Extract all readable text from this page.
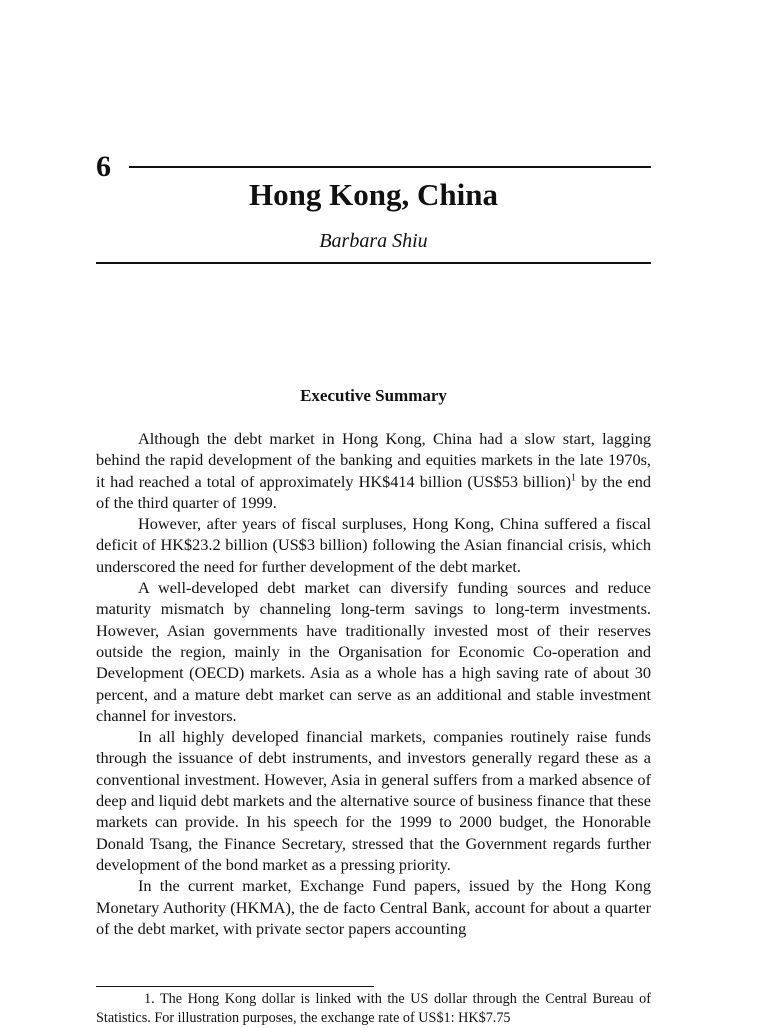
6
Hong Kong, China
Barbara Shiu
Executive Summary

Although the debt market in Hong Kong, China had a slow start, lagging behind the rapid development of the banking and equities markets in the late 1970s, it had reached a total of approximately HK$414 billion (US$53 billion)$^1$ by the end of the third quarter of 1999.

However, after years of fiscal surpluses, Hong Kong, China suffered a fiscal deficit of HK$23.2 billion (US$3 billion) following the Asian financial crisis, which underscored the need for further development of the debt market.

A well-developed debt market can diversify funding sources and reduce maturity mismatch by channeling long-term savings to long-term investments. However, Asian governments have traditionally invested most of their reserves outside the region, mainly in the Organisation for Economic Co-operation and Development (OECD) markets. Asia as a whole has a high saving rate of about 30 percent, and a mature debt market can serve as an additional and stable investment channel for investors.

In all highly developed financial markets, companies routinely raise funds through the issuance of debt instruments, and investors generally regard these as a conventional investment. However, Asia in general suffers from a marked absence of deep and liquid debt markets and the alternative source of business finance that these markets can provide. In his speech for the 1999 to 2000 budget, the Honorable Donald Tsang, the Finance Secretary, stressed that the Government regards further development of the bond market as a pressing priority.

In the current market, Exchange Fund papers, issued by the Hong Kong Monetary Authority (HKMA), the de facto Central Bank, account for about a quarter of the debt market, with private sector papers accounting

1. The Hong Kong dollar is linked with the US dollar through the Central Bureau of Statistics. For illustration purposes, the exchange rate of US$1: HK$7.75
